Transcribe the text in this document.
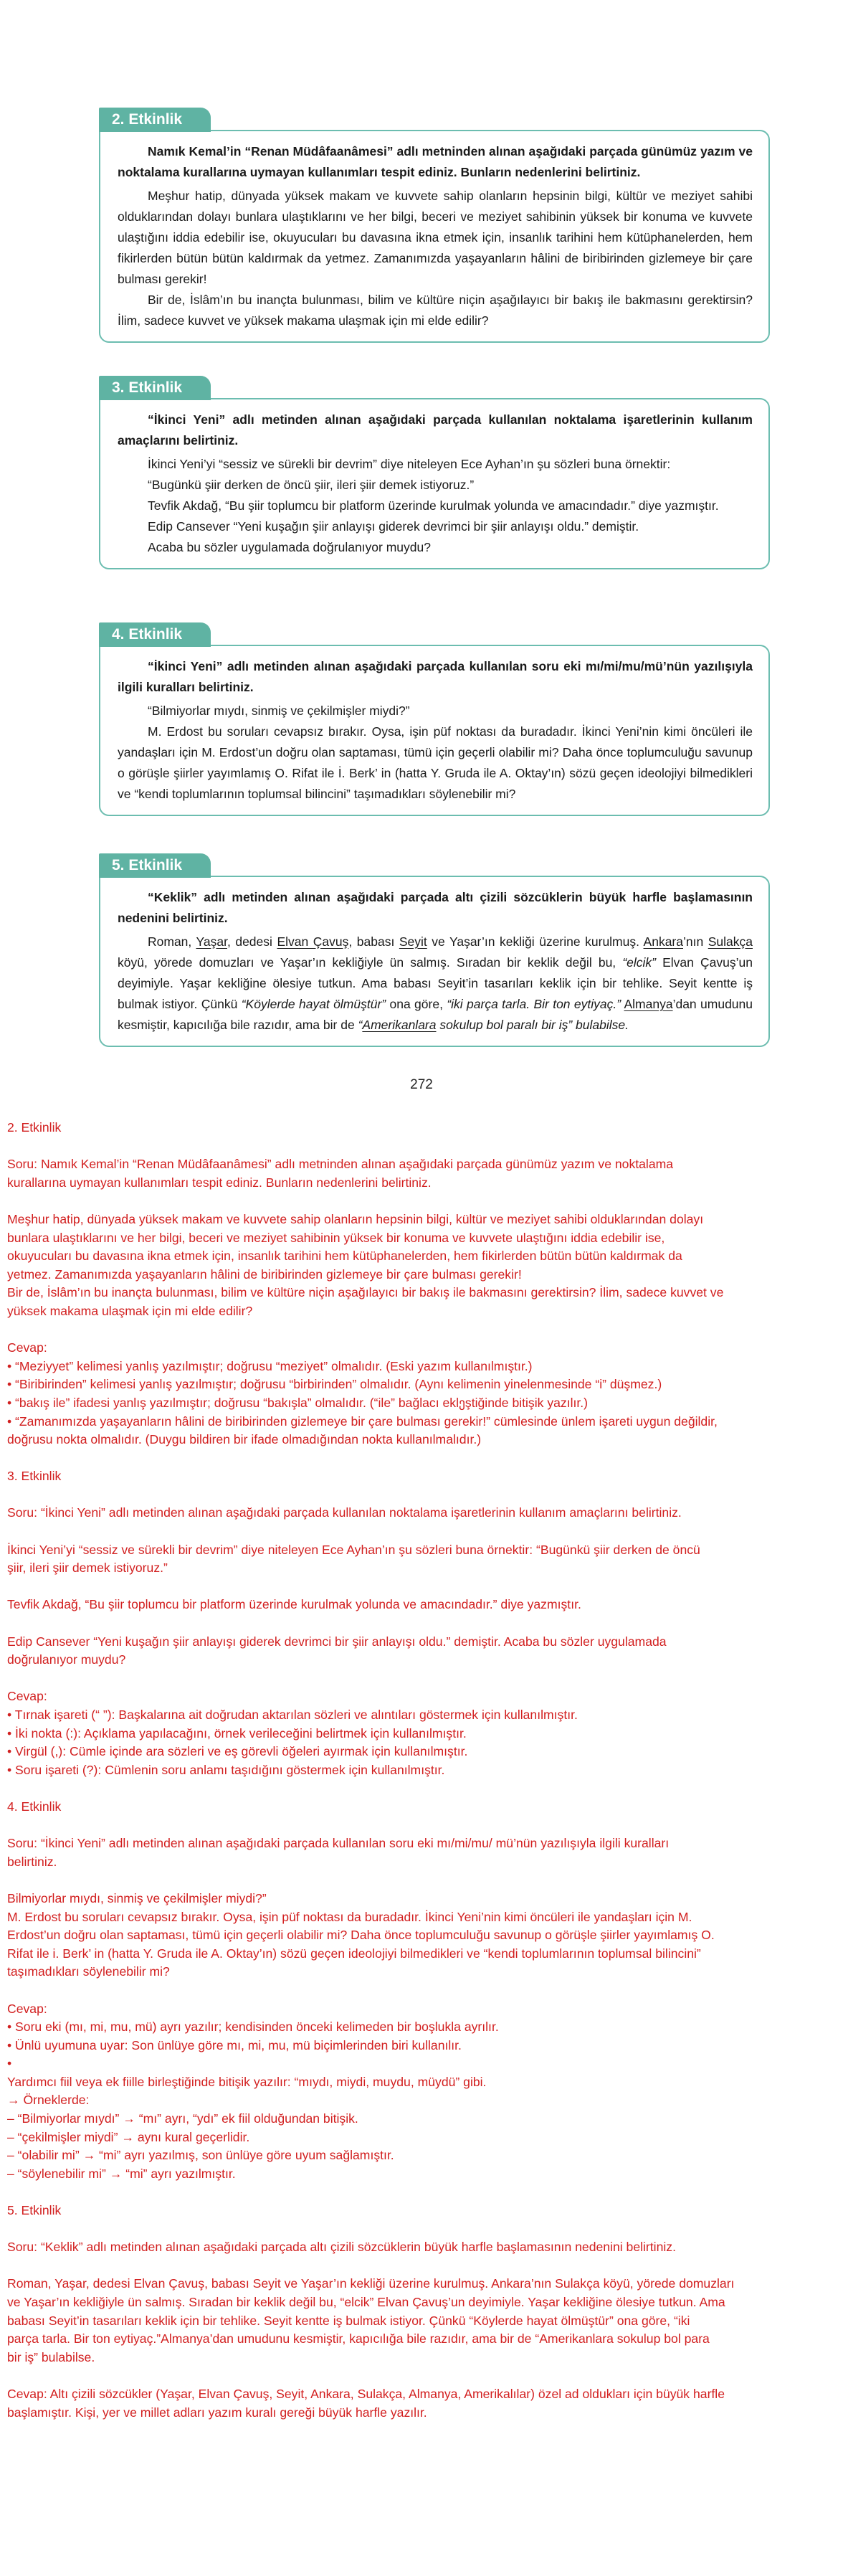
2. Etkinlik

Namık Kemal’in “Renan Müdâfaanâmesi” adlı metninden alınan aşağıdaki parçada günümüz yazım ve noktalama kurallarına uymayan kullanımları tespit ediniz. Bunların nedenlerini belirtiniz.

Meşhur hatip, dünyada yüksek makam ve kuvvete sahip olanların hepsinin bilgi, kültür ve meziyet sahibi olduklarından dolayı bunlara ulaştıklarını ve her bilgi, beceri ve meziyet sahibinin yüksek bir konuma ve kuvvete ulaştığını iddia edebilir ise, okuyucuları bu davasına ikna etmek için, insanlık tarihini hem kütüphanelerden, hem fikirlerden bütün bütün kaldırmak da yetmez. Zamanımızda yaşayanların hâlini de biribirinden gizlemeye bir çare bulması gerekir!

Bir de, İslâm’ın bu inançta bulunması, bilim ve kültüre niçin aşağılayıcı bir bakış ile bakmasını gerektirsin? İlim, sadece kuvvet ve yüksek makama ulaşmak için mi elde edilir?

3. Etkinlik

“İkinci Yeni” adlı metinden alınan aşağıdaki parçada kullanılan noktalama işaretlerinin kullanım amaçlarını belirtiniz.

İkinci Yeni’yi “sessiz ve sürekli bir devrim” diye niteleyen Ece Ayhan’ın şu sözleri buna örnektir:

“Bugünkü şiir derken de öncü şiir, ileri şiir demek istiyoruz.”

Tevfik Akdağ, “Bu şiir toplumcu bir platform üzerinde kurulmak yolunda ve amacındadır.” diye yazmıştır.

Edip Cansever “Yeni kuşağın şiir anlayışı giderek devrimci bir şiir anlayışı oldu.” demiştir.

Acaba bu sözler uygulamada doğrulanıyor muydu?

4. Etkinlik

“İkinci Yeni” adlı metinden alınan aşağıdaki parçada kullanılan soru eki mı/mi/mu/mü’nün yazılışıyla ilgili kuralları belirtiniz.

“Bilmiyorlar mıydı, sinmiş ve çekilmişler miydi?”

M. Erdost bu soruları cevapsız bırakır. Oysa, işin püf noktası da buradadır. İkinci Yeni’nin kimi öncüleri ile yandaşları için M. Erdost’un doğru olan saptaması, tümü için geçerli olabilir mi? Daha önce toplumculuğu savunup o görüşle şiirler yayımlamış O. Rifat ile İ. Berk’ in (hatta Y. Gruda ile A. Oktay’ın) sözü geçen ideolojiyi bilmedikleri ve “kendi toplumlarının toplumsal bilincini” taşımadıkları söylenebilir mi?

5. Etkinlik

“Keklik” adlı metinden alınan aşağıdaki parçada altı çizili sözcüklerin büyük harfle başlamasının nedenini belirtiniz.

Roman, Yaşar, dedesi Elvan Çavuş, babası Seyit ve Yaşar’ın kekliği üzerine kurulmuş. Ankara’nın Sulakça köyü, yörede domuzları ve Yaşar’ın kekliğiyle ün salmış. Sıradan bir keklik değil bu, “elcik” Elvan Çavuş’un deyimiyle. Yaşar kekliğine ölesiye tutkun. Ama babası Seyit’in tasarıları keklik için bir tehlike. Seyit kentte iş bulmak istiyor. Çünkü “Köylerde hayat ölmüştür” ona göre, “iki parça tarla. Bir ton eytiyaç.” Almanya’dan umudunu kesmiştir, kapıcılığa bile razıdır, ama bir de “Amerikanlara sokulup bol paralı bir iş” bulabilse.

272
2. Etkinlik
Soru: Namık Kemal’in “Renan Müdâfaanâmesi” adlı metninden alınan aşağıdaki parçada günümüz yazım ve noktalama
kurallarına uymayan kullanımları tespit ediniz. Bunların nedenlerini belirtiniz.
Meşhur hatip, dünyada yüksek makam ve kuvvete sahip olanların hepsinin bilgi, kültür ve meziyet sahibi olduklarından dolayı
bunlara ulaştıklarını ve her bilgi, beceri ve meziyet sahibinin yüksek bir konuma ve kuvvete ulaştığını iddia edebilir ise,
okuyucuları bu davasına ikna etmek için, insanlık tarihini hem kütüphanelerden, hem fikirlerden bütün bütün kaldırmak da
yetmez. Zamanımızda yaşayanların hâlini de biribirinden gizlemeye bir çare bulması gerekir!
Bir de, İslâm’ın bu inançta bulunması, bilim ve kültüre niçin aşağılayıcı bir bakış ile bakmasını gerektirsin? İlim, sadece kuvvet ve
yüksek makama ulaşmak için mi elde edilir?
Cevap:
• “Meziyyet” kelimesi yanlış yazılmıştır; doğrusu “meziyet” olmalıdır. (Eski yazım kullanılmıştır.)
• “Biribirinden” kelimesi yanlış yazılmıştır; doğrusu “birbirinden” olmalıdır. (Aynı kelimenin yinelenmesinde “i” düşmez.)
• “bakış ile” ifadesi yanlış yazılmıştır; doğrusu “bakışla” olmalıdır. (“ile” bağlacı eklეştiğinde bitişik yazılır.)
• “Zamanımızda yaşayanların hâlini de biribirinden gizlemeye bir çare bulması gerekir!” cümlesinde ünlem işareti uygun değildir,
doğrusu nokta olmalıdır. (Duygu bildiren bir ifade olmadığından nokta kullanılmalıdır.)
3. Etkinlik
Soru: “İkinci Yeni” adlı metinden alınan aşağıdaki parçada kullanılan noktalama işaretlerinin kullanım amaçlarını belirtiniz.
İkinci Yeni’yi “sessiz ve sürekli bir devrim” diye niteleyen Ece Ayhan’ın şu sözleri buna örnektir: “Bugünkü şiir derken de öncü
şiir, ileri şiir demek istiyoruz.”
Tevfik Akdağ, “Bu şiir toplumcu bir platform üzerinde kurulmak yolunda ve amacındadır.” diye yazmıştır.
Edip Cansever “Yeni kuşağın şiir anlayışı giderek devrimci bir şiir anlayışı oldu.” demiştir. Acaba bu sözler uygulamada
doğrulanıyor muydu?
Cevap:
• Tırnak işareti (“ ”): Başkalarına ait doğrudan aktarılan sözleri ve alıntıları göstermek için kullanılmıştır.
• İki nokta (:): Açıklama yapılacağını, örnek verileceğini belirtmek için kullanılmıştır.
• Virgül (,): Cümle içinde ara sözleri ve eş görevli öğeleri ayırmak için kullanılmıştır.
• Soru işareti (?): Cümlenin soru anlamı taşıdığını göstermek için kullanılmıştır.
4. Etkinlik
Soru: “İkinci Yeni” adlı metinden alınan aşağıdaki parçada kullanılan soru eki mı/mi/mu/ mü’nün yazılışıyla ilgili kuralları
belirtiniz.
Bilmiyorlar mıydı, sinmiş ve çekilmişler miydi?”
M. Erdost bu soruları cevapsız bırakır. Oysa, işin püf noktası da buradadır. İkinci Yeni’nin kimi öncüleri ile yandaşları için M.
Erdost’un doğru olan saptaması, tümü için geçerli olabilir mi? Daha önce toplumculuğu savunup o görüşle şiirler yayımlamış O.
Rifat ile i. Berk’ in (hatta Y. Gruda ile A. Oktay’ın) sözü geçen ideolojiyi bilmedikleri ve “kendi toplumlarının toplumsal bilincini”
taşımadıkları söylenebilir mi?
Cevap:
• Soru eki (mı, mi, mu, mü) ayrı yazılır; kendisinden önceki kelimeden bir boşlukla ayrılır.
• Ünlü uyumuna uyar: Son ünlüye göre mı, mi, mu, mü biçimlerinden biri kullanılır.
•
Yardımcı fiil veya ek fiille birleştiğinde bitişik yazılır: “mıydı, miydi, muydu, müydü” gibi.
→ Örneklerde:
– “Bilmiyorlar mıydı” → “mı” ayrı, “ydı” ek fiil olduğundan bitişik.
– “çekilmişler miydi” → aynı kural geçerlidir.
– “olabilir mi” → “mi” ayrı yazılmış, son ünlüye göre uyum sağlamıştır.
– “söylenebilir mi” → “mi” ayrı yazılmıştır.
5. Etkinlik
Soru: “Keklik” adlı metinden alınan aşağıdaki parçada altı çizili sözcüklerin büyük harfle başlamasının nedenini belirtiniz.
Roman, Yaşar, dedesi Elvan Çavuş, babası Seyit ve Yaşar’ın kekliği üzerine kurulmuş. Ankara’nın Sulakça köyü, yörede domuzları
ve Yaşar’ın kekliğiyle ün salmış. Sıradan bir keklik değil bu, “elcik” Elvan Çavuş’un deyimiyle. Yaşar kekliğine ölesiye tutkun. Ama
babası Seyit’in tasarıları keklik için bir tehlike. Seyit kentte iş bulmak istiyor. Çünkü “Köylerde hayat ölmüştür” ona göre, “iki
parça tarla. Bir ton eytiyaç.”Almanya’dan umudunu kesmiştir, kapıcılığa bile razıdır, ama bir de “Amerikanlara sokulup bol para
bir iş” bulabilse.
Cevap: Altı çizili sözcükler (Yaşar, Elvan Çavuş, Seyit, Ankara, Sulakça, Almanya, Amerikalılar) özel ad oldukları için büyük harfle
başlamıştır. Kişi, yer ve millet adları yazım kuralı gereği büyük harfle yazılır.
